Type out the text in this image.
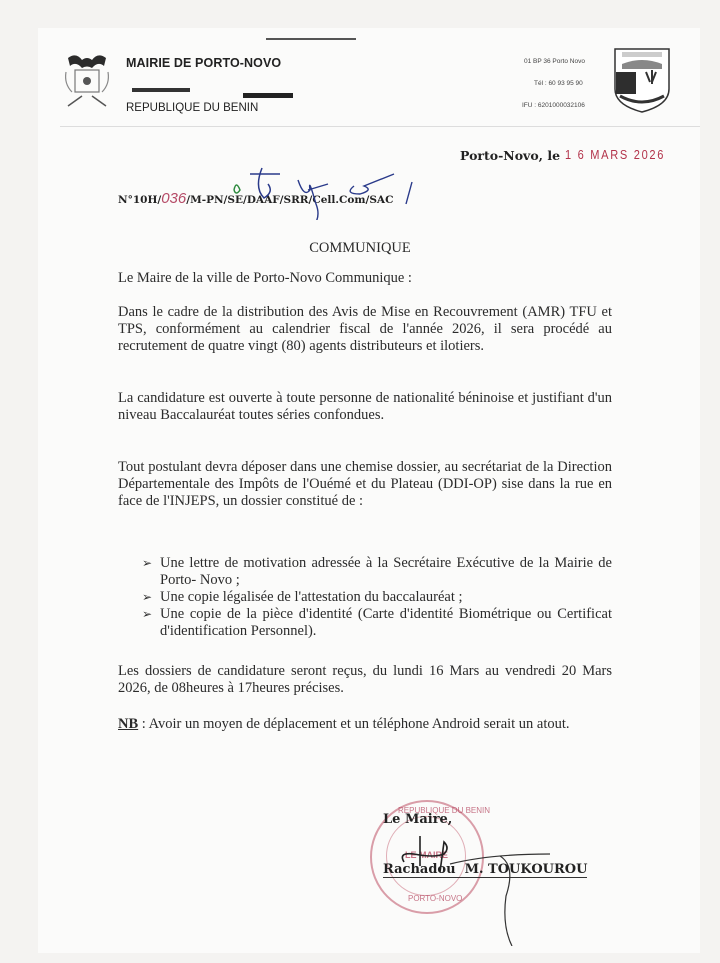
MAIRIE DE PORTO-NOVO
REPUBLIQUE DU BENIN
01 BP 36 Porto Novo
Tél : 60 93 95 90
IFU : 6201000032106
Porto-Novo, le 1 6 MARS 2026
N°10H/036/M-PN/SE/DAAF/SRR/Cell.Com/SAC
COMMUNIQUE
Le Maire de la ville de Porto-Novo Communique :
Dans le cadre de la distribution des Avis de Mise en Recouvrement (AMR) TFU et TPS, conformément au calendrier fiscal de l'année 2026, il sera procédé au recrutement de quatre vingt (80) agents distributeurs et ilotiers.
La candidature est ouverte à toute personne de nationalité béninoise et justifiant d'un niveau Baccalauréat toutes séries confondues.
Tout postulant devra déposer dans une chemise dossier, au secrétariat de la Direction Départementale des Impôts de l'Ouémé et du Plateau (DDI-OP) sise dans la rue en face de l'INJEPS, un dossier constitué de :
➢ Une lettre de motivation adressée à la Secrétaire Exécutive de la Mairie de Porto- Novo ;
➢ Une copie légalisée de l'attestation du baccalauréat ;
➢ Une copie de la pièce d'identité (Carte d'identité Biométrique ou Certificat d'identification Personnel).
Les dossiers de candidature seront reçus, du lundi 16 Mars au vendredi 20 Mars 2026, de 08heures à 17heures précises.
NB : Avoir un moyen de déplacement et un téléphone Android serait un atout.
REPUBLIQUE DU BENIN
LE MAIRE
PORTO-NOVO
Le Maire,
Rachadou M. TOUKOUROU
